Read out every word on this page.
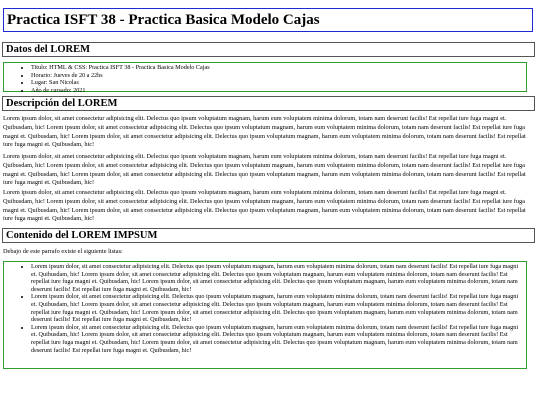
Practica ISFT 38 - Practica Basica Modelo Cajas
Datos del LOREM
• Titulo: HTML & CSS: Practica ISFT 38 - Practica Basica Modelo Cajas
• Horario: Jueves de 20 a 22hs
• Lugar: San Nicolas
• Año de cursado: 2021
Descripción del LOREM

Lorem ipsum dolor, sit amet consectetur adipisicing elit. Delectus quo ipsum voluptatum magnam, harum eum voluptatem minima dolorum, totam nam deserunt facilis! Est repellat iure fuga magni et. Quibusdam, hic! Lorem ipsum dolor, sit amet consectetur adipisicing elit. Delectus quo ipsum voluptatum magnam, harum eum voluptatem minima dolorum, totam nam deserunt facilis! Est repellat iure fuga magni et. Quibusdam, hic! Lorem ipsum dolor, sit amet consectetur adipisicing elit. Delectus quo ipsum voluptatum magnam, harum eum voluptatem minima dolorum, totam nam deserunt facilis! Est repellat iure fuga magni et. Quibusdam, hic!

Lorem ipsum dolor, sit amet consectetur adipisicing elit. Delectus quo ipsum voluptatum magnam, harum eum voluptatem minima dolorum, totam nam deserunt facilis! Est repellat iure fuga magni et. Quibusdam, hic! Lorem ipsum dolor, sit amet consectetur adipisicing elit. Delectus quo ipsum voluptatum magnam, harum eum voluptatem minima dolorum, totam nam deserunt facilis! Est repellat iure fuga magni et. Quibusdam, hic! Lorem ipsum dolor, sit amet consectetur adipisicing elit. Delectus quo ipsum voluptatum magnam, harum eum voluptatem minima dolorum, totam nam deserunt facilis! Est repellat iure fuga magni et. Quibusdam, hic!

Lorem ipsum dolor, sit amet consectetur adipisicing elit. Delectus quo ipsum voluptatum magnam, harum eum voluptatem minima dolorum, totam nam deserunt facilis! Est repellat iure fuga magni et. Quibusdam, hic! Lorem ipsum dolor, sit amet consectetur adipisicing elit. Delectus quo ipsum voluptatum magnam, harum eum voluptatem minima dolorum, totam nam deserunt facilis! Est repellat iure fuga magni et. Quibusdam, hic! Lorem ipsum dolor, sit amet consectetur adipisicing elit. Delectus quo ipsum voluptatum magnam, harum eum voluptatem minima dolorum, totam nam deserunt facilis! Est repellat iure fuga magni et. Quibusdam, hic!

Contenido del LOREM IMPSUM
Debajo de este parrafo existe el siguiente listas:
• Lorem ipsum dolor, sit amet consectetur adipisicing elit. Delectus quo ipsum voluptatum magnam, harum eum voluptatem minima dolorum, totam nam deserunt facilis! Est repellat iure fuga magni et. Quibusdam, hic! Lorem ipsum dolor, sit amet consectetur adipisicing elit. Delectus quo ipsum voluptatum magnam, harum eum voluptatem minima dolorum, totam nam deserunt facilis! Est repellat iure fuga magni et. Quibusdam, hic! Lorem ipsum dolor, sit amet consectetur adipisicing elit. Delectus quo ipsum voluptatum magnam, harum eum voluptatem minima dolorum, totam nam deserunt facilis! Est repellat iure fuga magni et. Quibusdam, hic!
• Lorem ipsum dolor, sit amet consectetur adipisicing elit. Delectus quo ipsum voluptatum magnam, harum eum voluptatem minima dolorum, totam nam deserunt facilis! Est repellat iure fuga magni et. Quibusdam, hic! Lorem ipsum dolor, sit amet consectetur adipisicing elit. Delectus quo ipsum voluptatum magnam, harum eum voluptatem minima dolorum, totam nam deserunt facilis! Est repellat iure fuga magni et. Quibusdam, hic! Lorem ipsum dolor, sit amet consectetur adipisicing elit. Delectus quo ipsum voluptatum magnam, harum eum voluptatem minima dolorum, totam nam deserunt facilis! Est repellat iure fuga magni et. Quibusdam, hic!
• Lorem ipsum dolor, sit amet consectetur adipisicing elit. Delectus quo ipsum voluptatum magnam, harum eum voluptatem minima dolorum, totam nam deserunt facilis! Est repellat iure fuga magni et. Quibusdam, hic! Lorem ipsum dolor, sit amet consectetur adipisicing elit. Delectus quo ipsum voluptatum magnam, harum eum voluptatem minima dolorum, totam nam deserunt facilis! Est repellat iure fuga magni et. Quibusdam, hic! Lorem ipsum dolor, sit amet consectetur adipisicing elit. Delectus quo ipsum voluptatum magnam, harum eum voluptatem minima dolorum, totam nam deserunt facilis! Est repellat iure fuga magni et. Quibusdam, hic!
